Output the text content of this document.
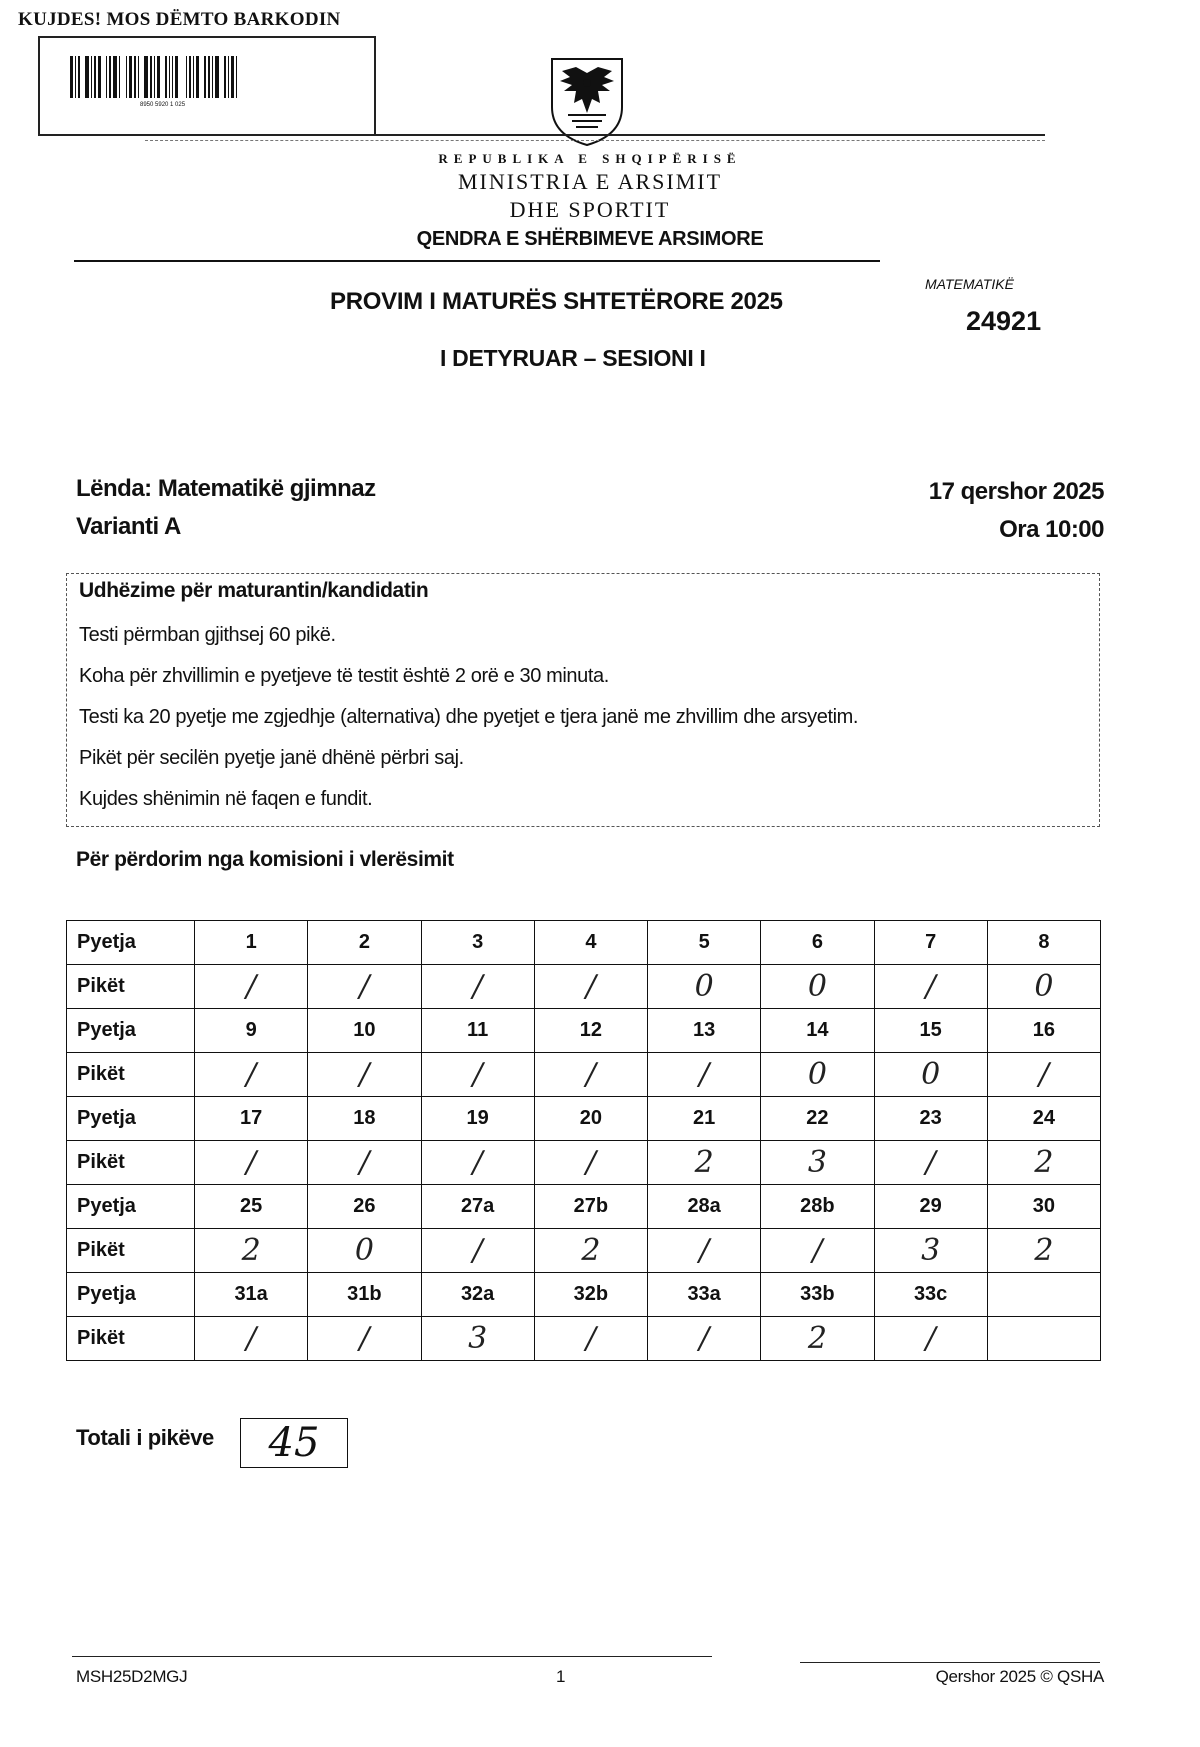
KUJDES! MOS DËMTO BARKODIN
8950 5920 1 025
REPUBLIKA E SHQIPËRISË
MINISTRIA E ARSIMIT
DHE SPORTIT
QENDRA E SHËRBIMEVE ARSIMORE
PROVIM I MATURËS SHTETËRORE 2025
I DETYRUAR – SESIONI I
MATEMATIKË
24921
Lënda: Matematikë gjimnaz
Varianti A
17 qershor 2025
Ora 10:00
Udhëzime për maturantin/kandidatin
Testi përmban gjithsej 60 pikë.
Koha për zhvillimin e pyetjeve të testit është 2 orë e 30 minuta.
Testi ka 20 pyetje me zgjedhje (alternativa) dhe pyetjet e tjera janë me zhvillim dhe arsyetim.
Pikët për secilën pyetje janë dhënë përbri saj.
Kujdes shënimin në faqen e fundit.
Për përdorim nga komisioni i vlerësimit
Pyetja	1	2	3	4	5	6	7	8
Pikët	/	/	/	/	0	0	/	0
Pyetja	9	10	11	12	13	14	15	16
Pikët	/	/	/	/	/	0	0	/
Pyetja	17	18	19	20	21	22	23	24
Pikët	/	/	/	/	2	3	/	2
Pyetja	25	26	27a	27b	28a	28b	29	30
Pikët	2	0	/	2	/	/	3	2
Pyetja	31a	31b	32a	32b	33a	33b	33c	
Pikët	/	/	3	/	/	2	/	
Totali i pikëve	45
MSH25D2MGJ	1	Qershor 2025 © QSHA
